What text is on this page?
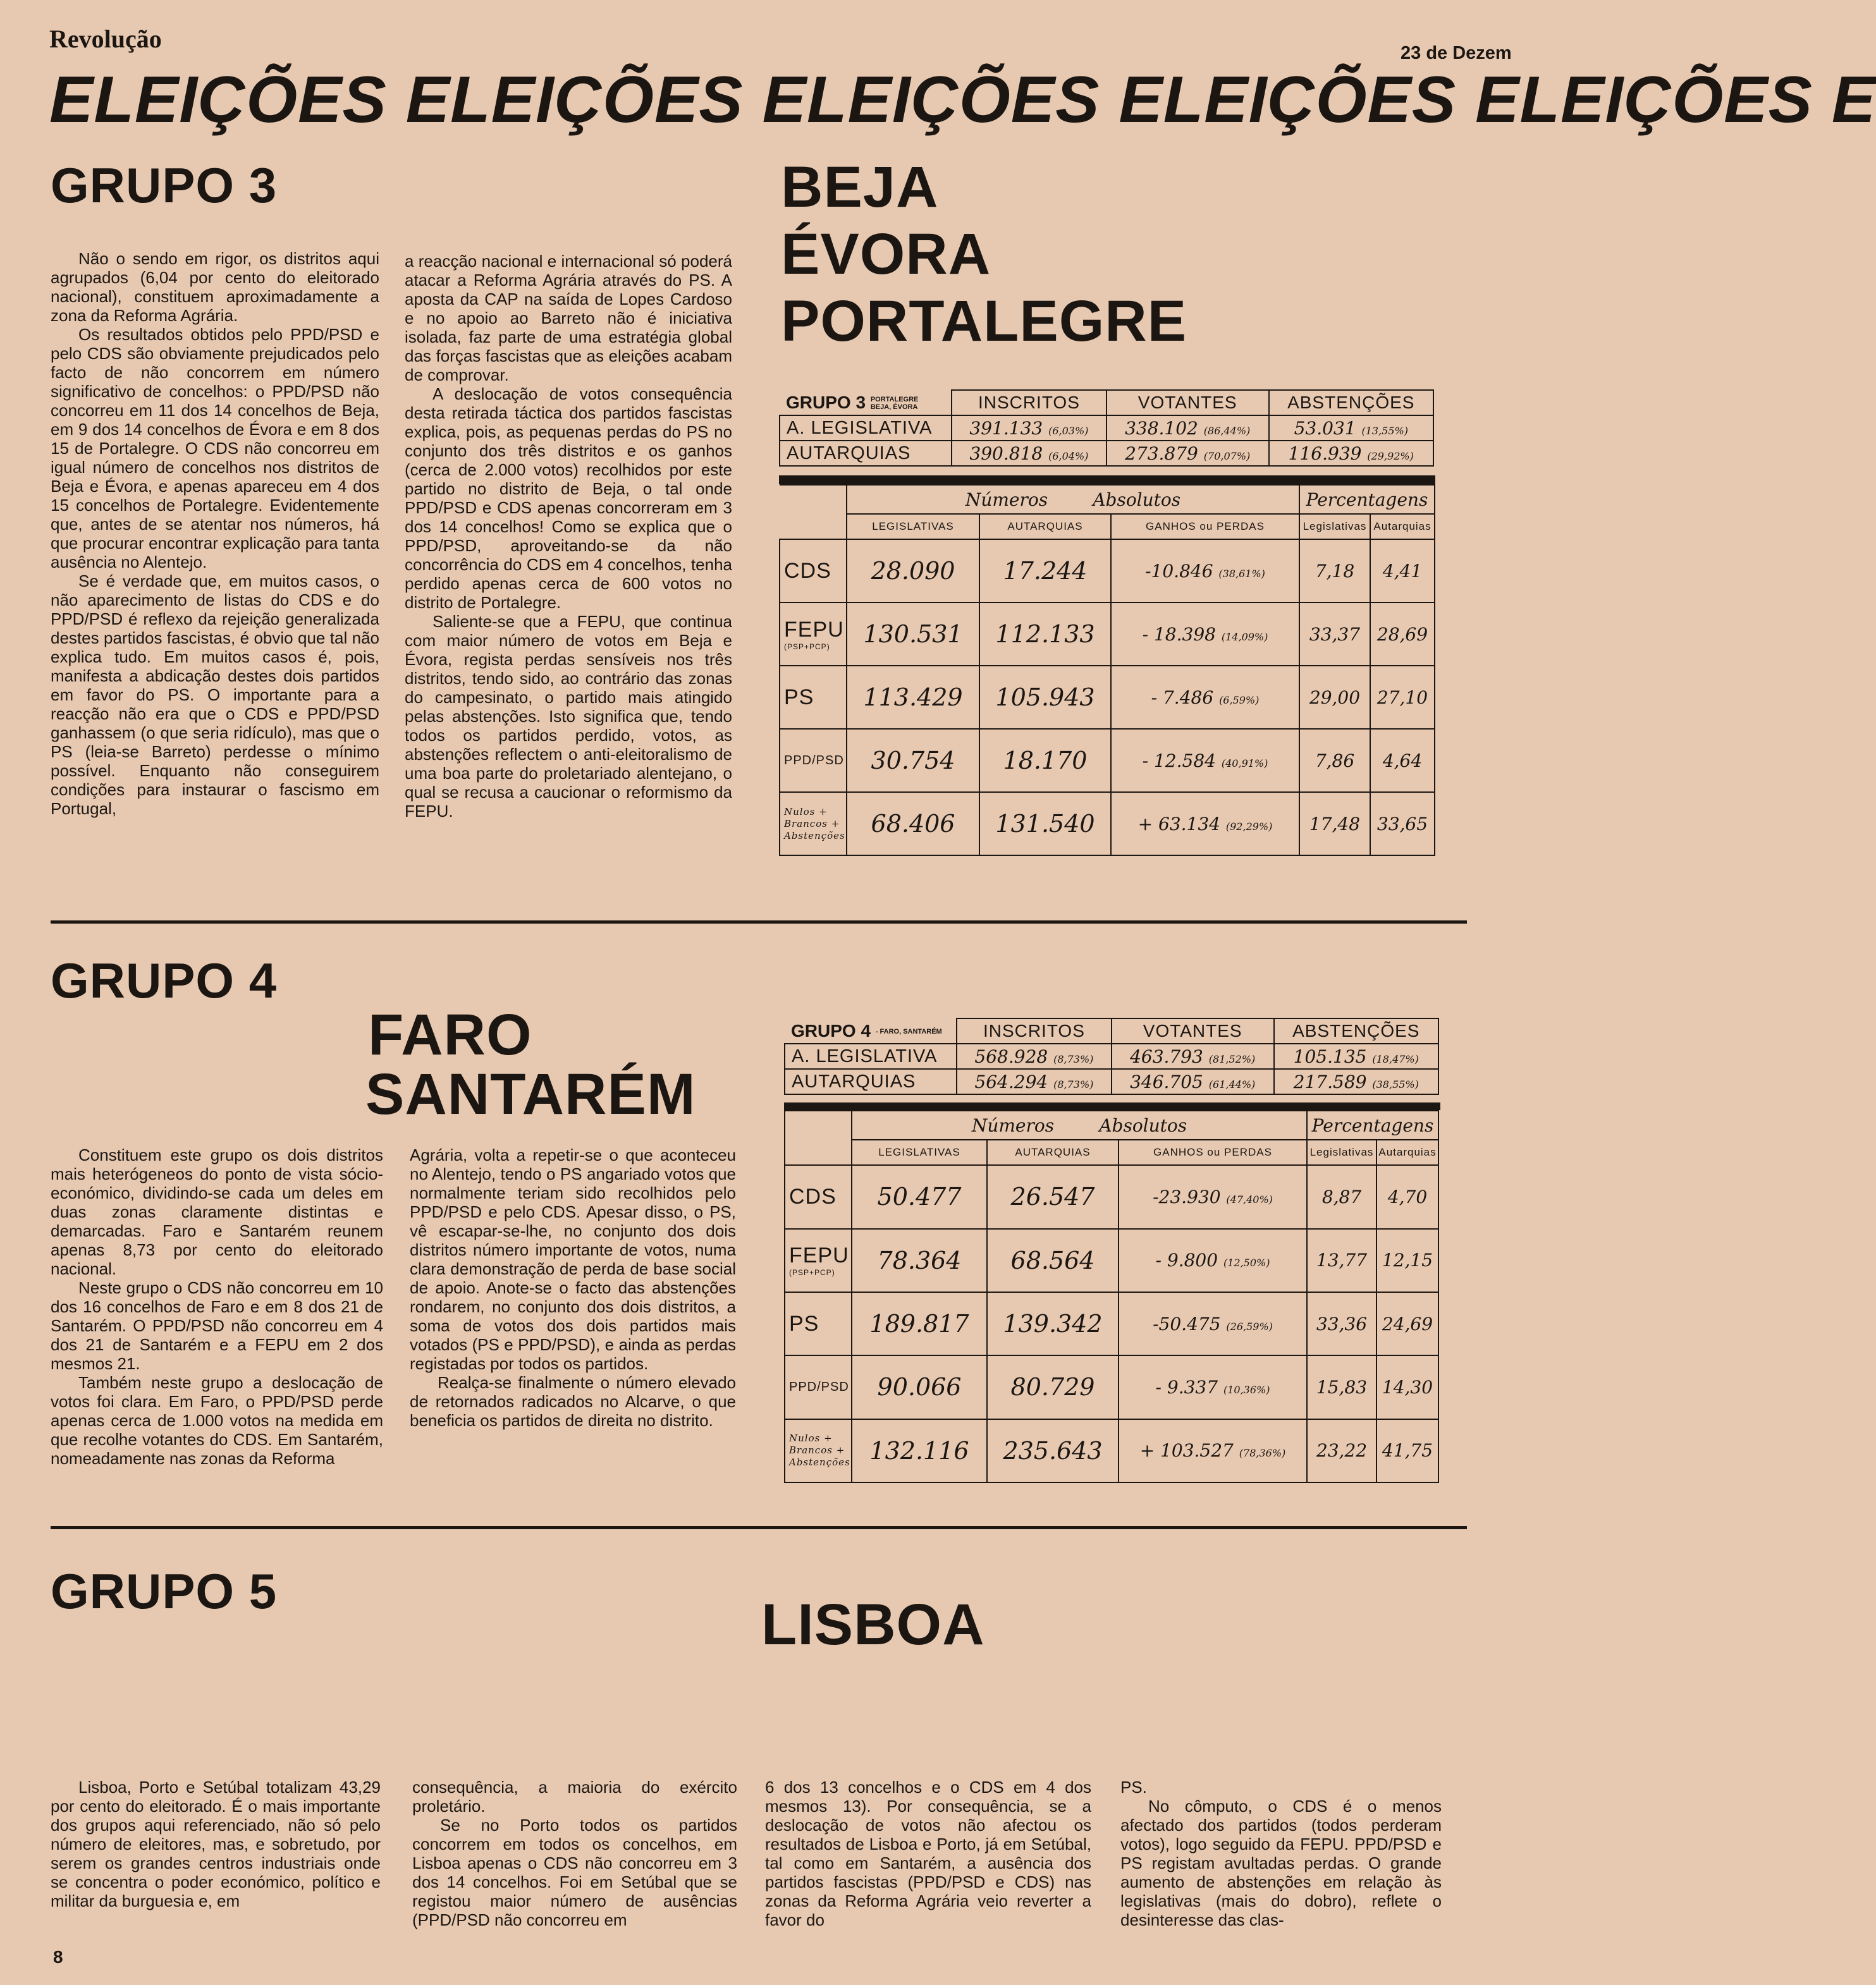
Revolução	23 de Dezem
ELEIÇÕES ELEIÇÕES ELEIÇÕES ELEIÇÕES ELEIÇÕES E
GRUPO 3

Não o sendo em rigor, os distritos aqui agrupados (6,04 por cento do eleitorado nacional), constituem aproximadamente a zona da Reforma Agrária.

Os resultados obtidos pelo PPD/PSD e pelo CDS são obviamente prejudicados pelo facto de não concorrem em número significativo de concelhos: o PPD/PSD não concorreu em 11 dos 14 concelhos de Beja, em 9 dos 14 concelhos de Évora e em 8 dos 15 de Portalegre. O CDS não concorreu em igual número de concelhos nos distritos de Beja e Évora, e apenas apareceu em 4 dos 15 concelhos de Portalegre. Evidentemente que, antes de se atentar nos números, há que procurar encontrar explicação para tanta ausência no Alentejo.

Se é verdade que, em muitos casos, o não aparecimento de listas do CDS e do PPD/PSD é reflexo da rejeição generalizada destes partidos fascistas, é obvio que tal não explica tudo. Em muitos casos é, pois, manifesta a abdicação destes dois partidos em favor do PS. O importante para a reacção não era que o CDS e PPD/PSD ganhassem (o que seria ridículo), mas que o PS (leia-se Barreto) perdesse o mínimo possível. Enquanto não conseguirem condições para instaurar o fascismo em Portugal,

a reacção nacional e internacional só poderá atacar a Reforma Agrária através do PS. A aposta da CAP na saída de Lopes Cardoso e no apoio ao Barreto não é iniciativa isolada, faz parte de uma estratégia global das forças fascistas que as eleições acabam de comprovar.

A deslocação de votos consequência desta retirada táctica dos partidos fascistas explica, pois, as pequenas perdas do PS no conjunto dos três distritos e os ganhos (cerca de 2.000 votos) recolhidos por este partido no distrito de Beja, o tal onde PPD/PSD e CDS apenas concorreram em 3 dos 14 concelhos! Como se explica que o PPD/PSD, aproveitando-se da não concorrência do CDS em 4 concelhos, tenha perdido apenas cerca de 600 votos no distrito de Portalegre.

Saliente-se que a FEPU, que continua com maior número de votos em Beja e Évora, regista perdas sensíveis nos três distritos, tendo sido, ao contrário das zonas do campesinato, o partido mais atingido pelas abstenções. Isto significa que, tendo todos os partidos perdido, votos, as abstenções reflectem o anti-eleitoralismo de uma boa parte do proletariado alentejano, o qual se recusa a caucionar o reformismo da FEPU.

BEJA
ÉVORA
PORTALEGRE
GRUPO 3 PORTALEGRE
BEJA, ÉVORA	INSCRITOS	VOTANTES	ABSTENÇÕES
A. LEGISLATIVA	391.133 (6,03%)	338.102 (86,44%)	53.031 (13,55%)
AUTARQUIAS	390.818 (6,04%)	273.879 (70,07%)	116.939 (29,92%)
	Números Absolutos			Percentagens	
	LEGISLATIVAS	AUTARQUIAS	GANHOS ou PERDAS	Legislativas	Autarquias
CDS	28.090	17.244	-10.846 (38,61%)	7,18	4,41
FEPU
(PSP+PCP)	130.531	112.133	- 18.398 (14,09%)	33,37	28,69
PS	113.429	105.943	- 7.486 (6,59%)	29,00	27,10
PPD/PSD	30.754	18.170	- 12.584 (40,91%)	7,86	4,64
Nulos + Brancos + Abstenções	68.406	131.540	+ 63.134 (92,29%)	17,48	33,65
GRUPO 4
FARO
SANTARÉM

Constituem este grupo os dois distritos mais heterógeneos do ponto de vista sócio-económico, dividindo-se cada um deles em duas zonas claramente distintas e demarcadas. Faro e Santarém reunem apenas 8,73 por cento do eleitorado nacional.

Neste grupo o CDS não concorreu em 10 dos 16 concelhos de Faro e em 8 dos 21 de Santarém. O PPD/PSD não concorreu em 4 dos 21 de Santarém e a FEPU em 2 dos mesmos 21.

Também neste grupo a deslocação de votos foi clara. Em Faro, o PPD/PSD perde apenas cerca de 1.000 votos na medida em que recolhe votantes do CDS. Em Santarém, nomeadamente nas zonas da Reforma

Agrária, volta a repetir-se o que aconteceu no Alentejo, tendo o PS angariado votos que normalmente teriam sido recolhidos pelo PPD/PSD e pelo CDS. Apesar disso, o PS, vê escapar-se-lhe, no conjunto dos dois distritos número importante de votos, numa clara demonstração de perda de base social de apoio. Anote-se o facto das abstenções rondarem, no conjunto dos dois distritos, a soma de votos dos dois partidos mais votados (PS e PPD/PSD), e ainda as perdas registadas por todos os partidos.

Realça-se finalmente o número elevado de retornados radicados no Alcarve, o que beneficia os partidos de direita no distrito.

GRUPO 4 - FARO, SANTARÉM	INSCRITOS	VOTANTES	ABSTENÇÕES
A. LEGISLATIVA	568.928 (8,73%)	463.793 (81,52%)	105.135 (18,47%)
AUTARQUIAS	564.294 (8,73%)	346.705 (61,44%)	217.589 (38,55%)
	Números Absolutos			Percentagens	
	LEGISLATIVAS	AUTARQUIAS	GANHOS ou PERDAS	Legislativas	Autarquias
CDS	50.477	26.547	-23.930 (47,40%)	8,87	4,70
FEPU
(PSP+PCP)	78.364	68.564	- 9.800 (12,50%)	13,77	12,15
PS	189.817	139.342	-50.475 (26,59%)	33,36	24,69
PPD/PSD	90.066	80.729	- 9.337 (10,36%)	15,83	14,30
Nulos + Brancos + Abstenções	132.116	235.643	+ 103.527 (78,36%)	23,22	41,75
GRUPO 5
LISBOA

Lisboa, Porto e Setúbal totalizam 43,29 por cento do eleitorado. É o mais importante dos grupos aqui referenciado, não só pelo número de eleitores, mas, e sobretudo, por serem os grandes centros industriais onde se concentra o poder económico, político e militar da burguesia e, em

consequência, a maioria do exército proletário.

Se no Porto todos os partidos concorrem em todos os concelhos, em Lisboa apenas o CDS não concorreu em 3 dos 14 concelhos. Foi em Setúbal que se registou maior número de ausências (PPD/PSD não concorreu em

6 dos 13 concelhos e o CDS em 4 dos mesmos 13). Por consequência, se a deslocação de votos não afectou os resultados de Lisboa e Porto, já em Setúbal, tal como em Santarém, a ausência dos partidos fascistas (PPD/PSD e CDS) nas zonas da Reforma Agrária veio reverter a favor do

PS.

No cômputo, o CDS é o menos afectado dos partidos (todos perderam votos), logo seguido da FEPU. PPD/PSD e PS registam avultadas perdas. O grande aumento de abstenções em relação às legislativas (mais do dobro), reflete o desinteresse das clas-

8
